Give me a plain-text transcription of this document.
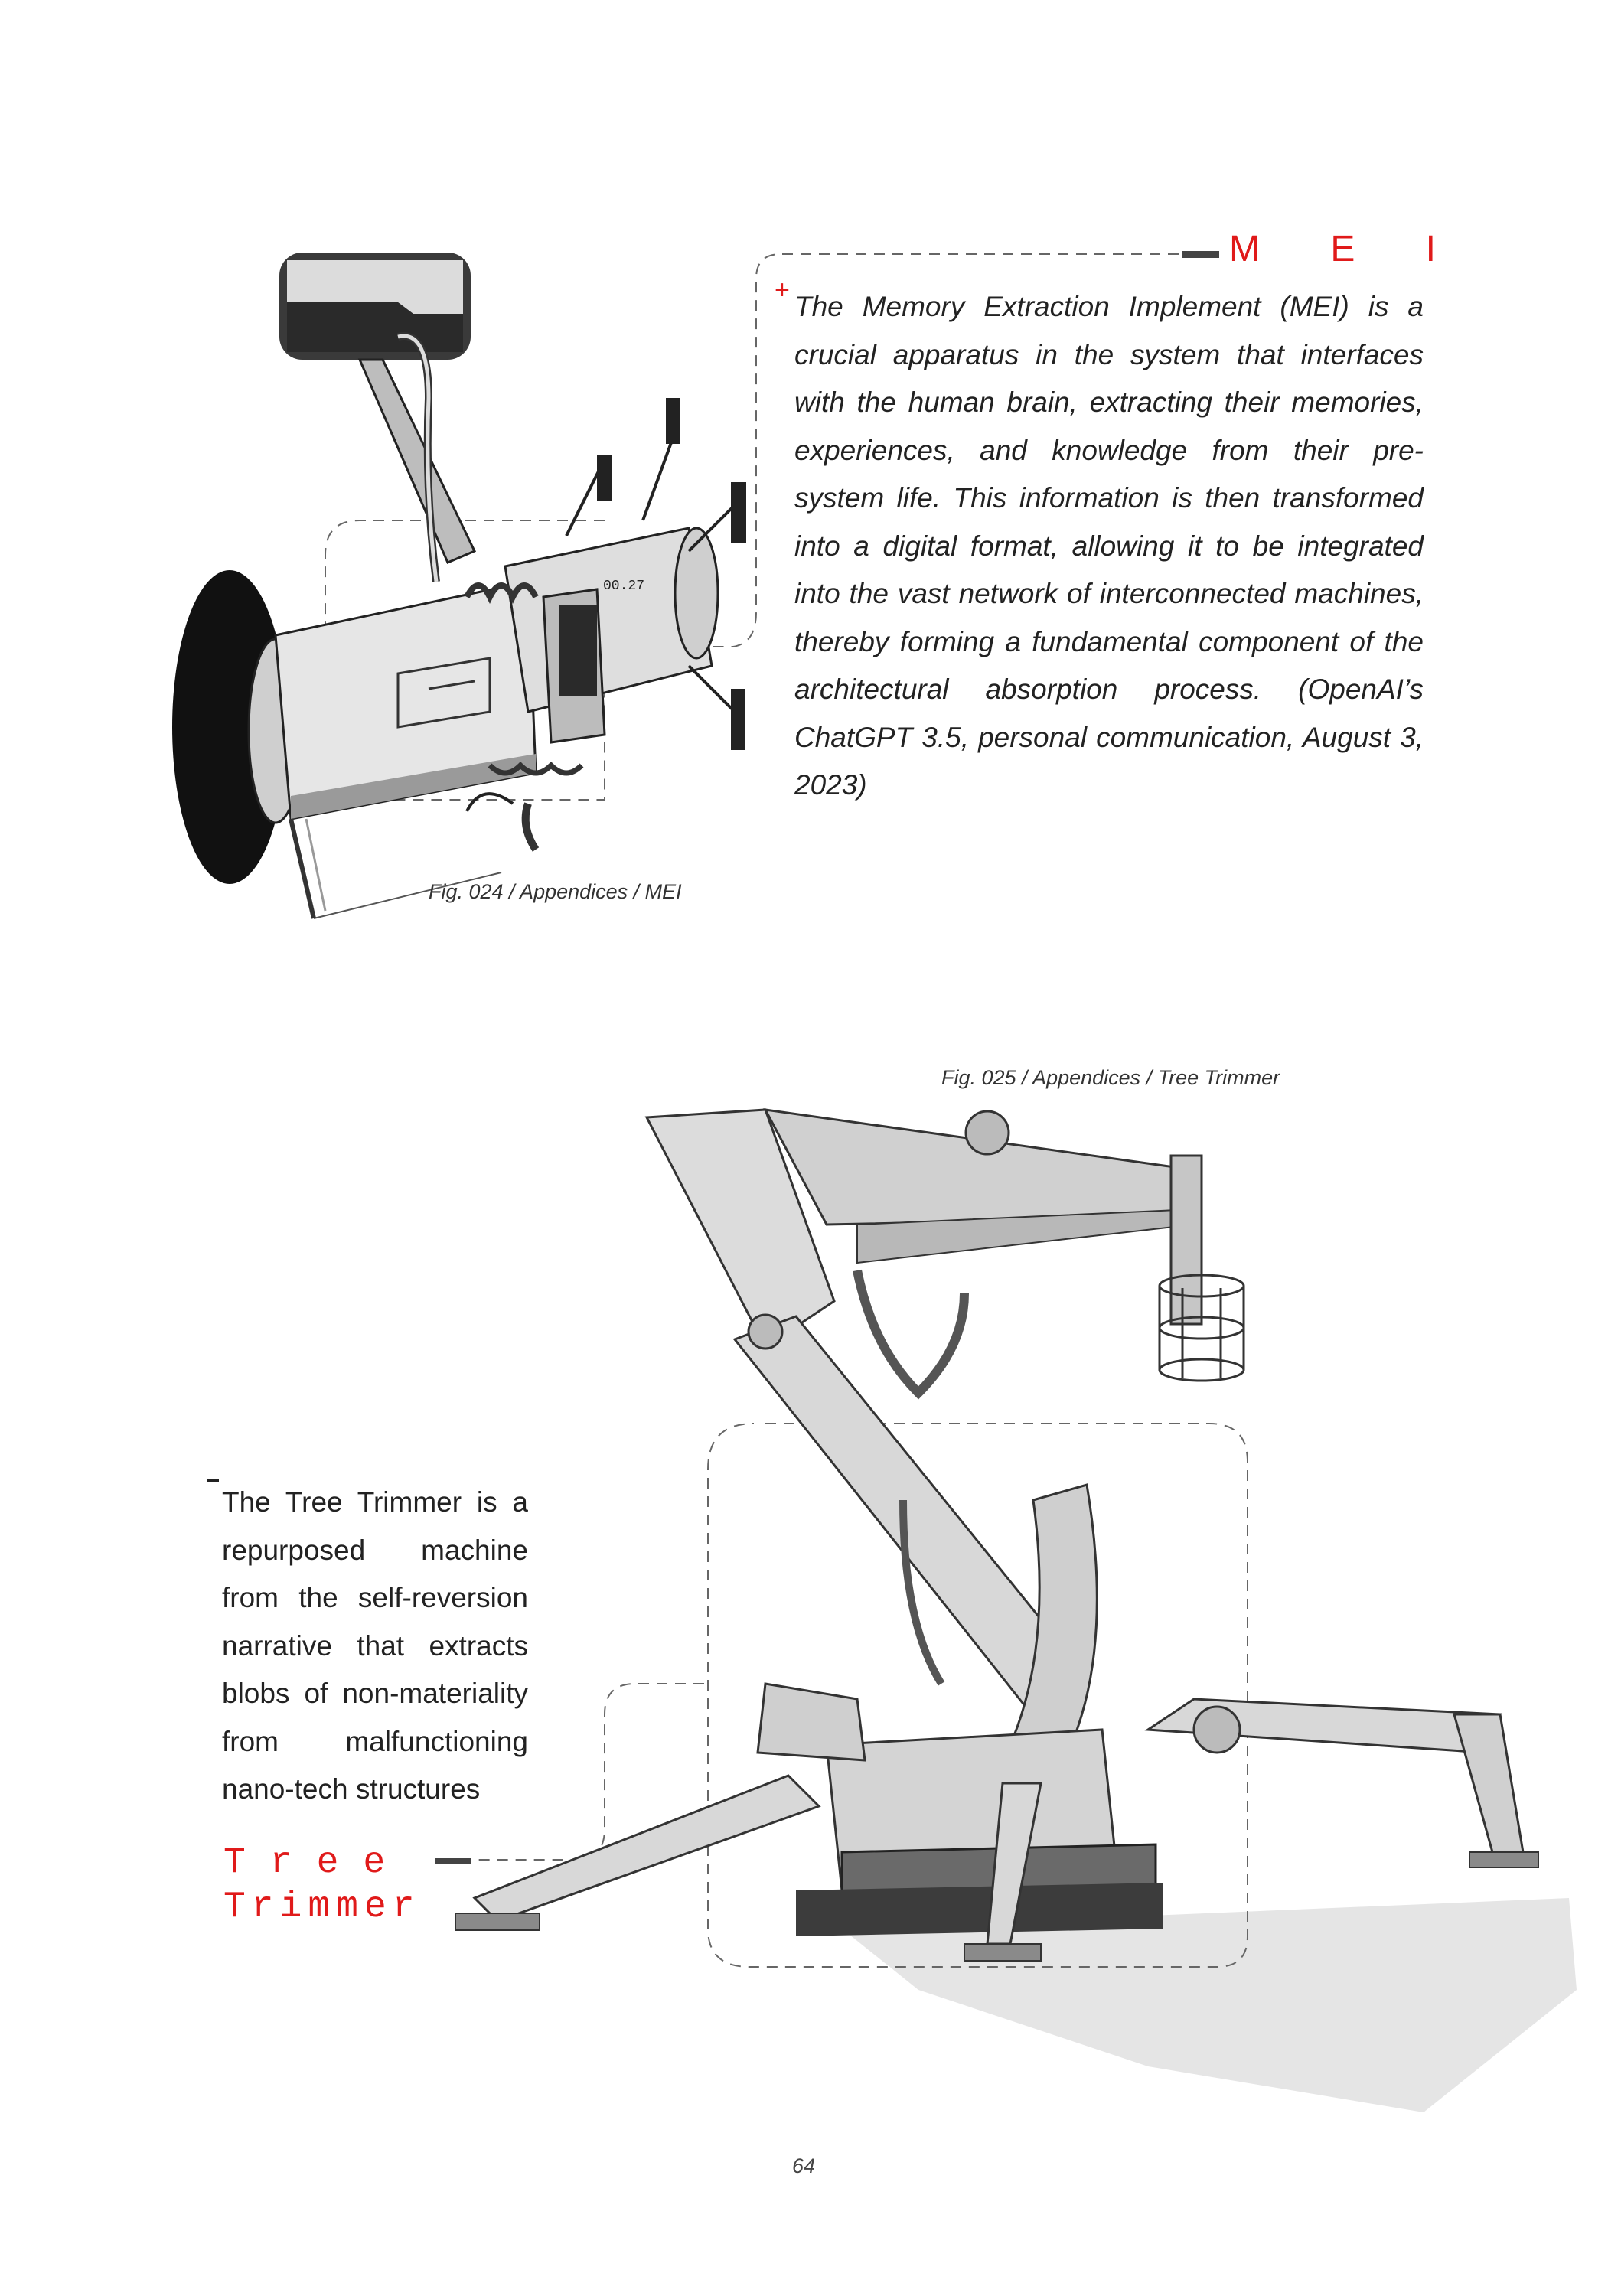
00.27
M E I
+
The Memory Extraction Implement (MEI) is a crucial apparatus in the system that interfaces with the human brain, extracting their memories, experiences, and knowledge from their pre-system life. This information is then transformed into a digital format, allowing it to be integrated into the vast network of interconnected machines, thereby forming a fundamental component of the architectural absorption process. (OpenAI’s ChatGPT 3.5, personal communication, August 3, 2023)
Fig. 024 / Appendices / MEI
Fig. 025 / Appendices / Tree Trimmer
The Tree Trimmer is a repurposed machine from the self-reversion narrative that extracts blobs of non-materiality from malfunctioning nano-tech structures
Tree
Trimmer
64
